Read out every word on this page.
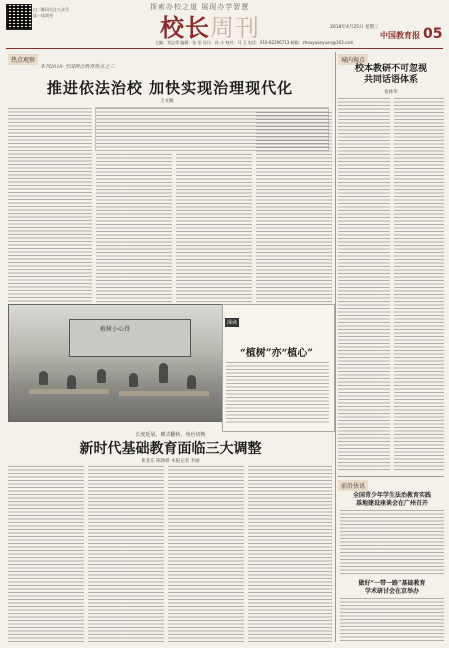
扫二维码关注公众号
读一读周刊
探索办校之道 展现办学智慧
校长周刊
主编：刘志勇 编辑：张 坚 设计：孙 小 校对：马 玉 电话：010-82296713 邮箱：zhouyuanyuan@163.com
2018年4月25日 星期三
中国教育报 05
热点观察
本刊2018·全国两会教育热点之三
推进依法治校 加快实现治理现代化
王文楠
植树小心得
深读
“植树”亦“植心”
长度延展、横式翻转、角色切换
新时代基础教育面临三大调整
崔亚东 陈娇娇 本报记者 李丽
城内视点
校本教研不可忽视
共同话语体系
张林华
前沿快讯
全国青少年学生法治教育实践
基地建设座谈会在广州召开
做好“一带一路”基础教育
学术研讨会在京举办
